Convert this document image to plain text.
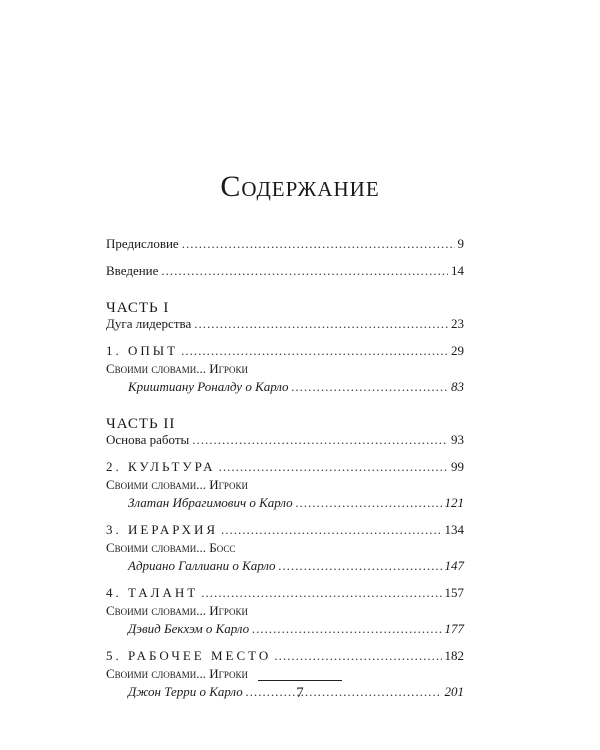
Содержание
Предисловие .....	9
Введение .....	14
ЧАСТЬ I
Дуга лидерства .....	23
1. ОПЫТ .....	29
Своими словами... Игроки
Криштиану Роналду о Карло .....	83
ЧАСТЬ II
Основа работы .....	93
2. КУЛЬТУРА .....	99
Своими словами... Игроки
Златан Ибрагимович о Карло .....	121
3. ИЕРАРХИЯ .....	134
Своими словами... Босс
Адриано Галлиани о Карло .....	147
4. ТАЛАНТ .....	157
Своими словами... Игроки
Дэвид Бекхэм о Карло .....	177
5. РАБОЧЕЕ МЕСТО .....	182
Своими словами... Игроки
Джон Терри о Карло .....	201
7
